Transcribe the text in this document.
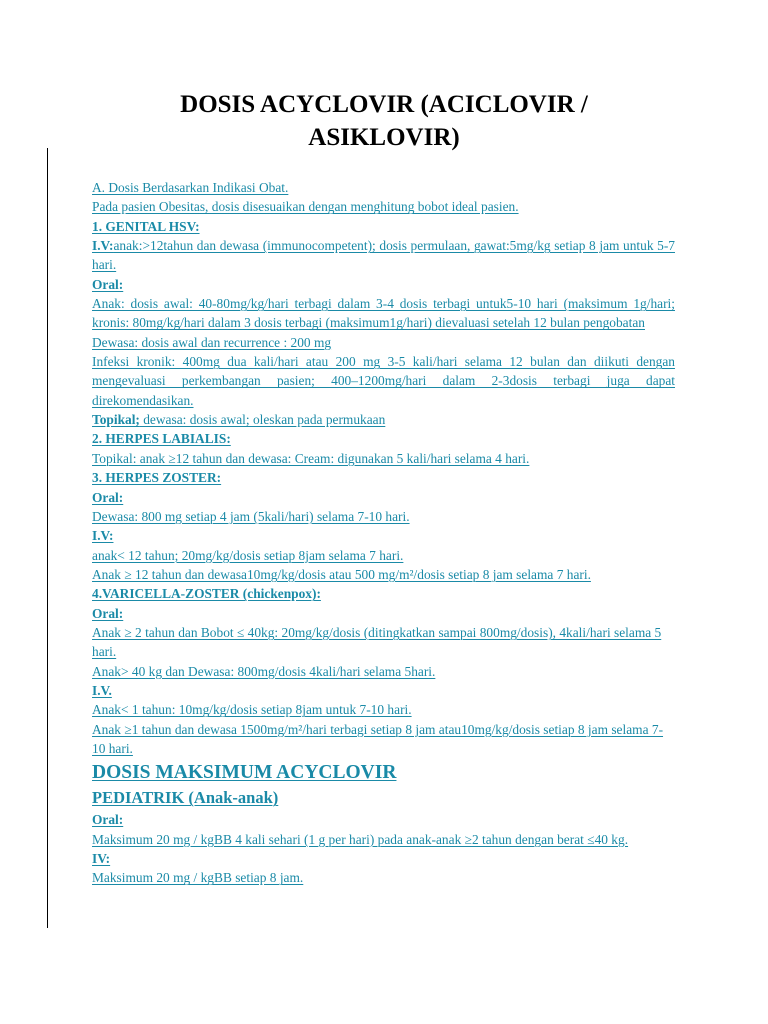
DOSIS ACYCLOVIR (ACICLOVIR /
ASIKLOVIR)

A. Dosis Berdasarkan Indikasi Obat.

Pada pasien Obesitas, dosis disesuaikan dengan menghitung bobot ideal pasien.

1. GENITAL HSV:

I.V:anak:>12tahun dan dewasa (immunocompetent); dosis permulaan, gawat:5mg/kg setiap 8 jam untuk 5-7 hari.

Oral:

Anak: dosis awal: 40-80mg/kg/hari terbagi dalam 3-4 dosis terbagi untuk5-10 hari (maksimum 1g/hari; kronis: 80mg/kg/hari dalam 3 dosis terbagi (maksimum1g/hari) dievaluasi setelah 12 bulan pengobatan

Dewasa: dosis awal dan recurrence : 200 mg

Infeksi kronik: 400mg dua kali/hari atau 200 mg 3-5 kali/hari selama 12 bulan dan diikuti dengan mengevaluasi perkembangan pasien; 400–1200mg/hari dalam 2-3dosis terbagi juga dapat direkomendasikan.

Topikal; dewasa: dosis awal; oleskan pada permukaan

2. HERPES LABIALIS:

Topikal: anak ≥12 tahun dan dewasa: Cream: digunakan 5 kali/hari selama 4 hari.

3. HERPES ZOSTER:

Oral:

Dewasa: 800 mg setiap 4 jam (5kali/hari) selama 7-10 hari.

I.V:

anak< 12 tahun; 20mg/kg/dosis setiap 8jam selama 7 hari.

Anak ≥ 12 tahun dan dewasa10mg/kg/dosis atau 500 mg/m²/dosis setiap 8 jam selama 7 hari.

4.VARICELLA-ZOSTER (chickenpox):

Oral:

Anak ≥ 2 tahun dan Bobot ≤ 40kg: 20mg/kg/dosis (ditingkatkan sampai 800mg/dosis), 4kali/hari selama 5 hari.

Anak> 40 kg dan Dewasa: 800mg/dosis 4kali/hari selama 5hari.

I.V.

Anak< 1 tahun: 10mg/kg/dosis setiap 8jam untuk 7-10 hari.

Anak ≥1 tahun dan dewasa 1500mg/m²/hari terbagi setiap 8 jam atau10mg/kg/dosis setiap 8 jam selama 7-10 hari.

DOSIS MAKSIMUM ACYCLOVIR

PEDIATRIK (Anak-anak)

Oral:

Maksimum 20 mg / kgBB 4 kali sehari (1 g per hari) pada anak-anak ≥2 tahun dengan berat ≤40 kg.

IV:

Maksimum 20 mg / kgBB setiap 8 jam.
